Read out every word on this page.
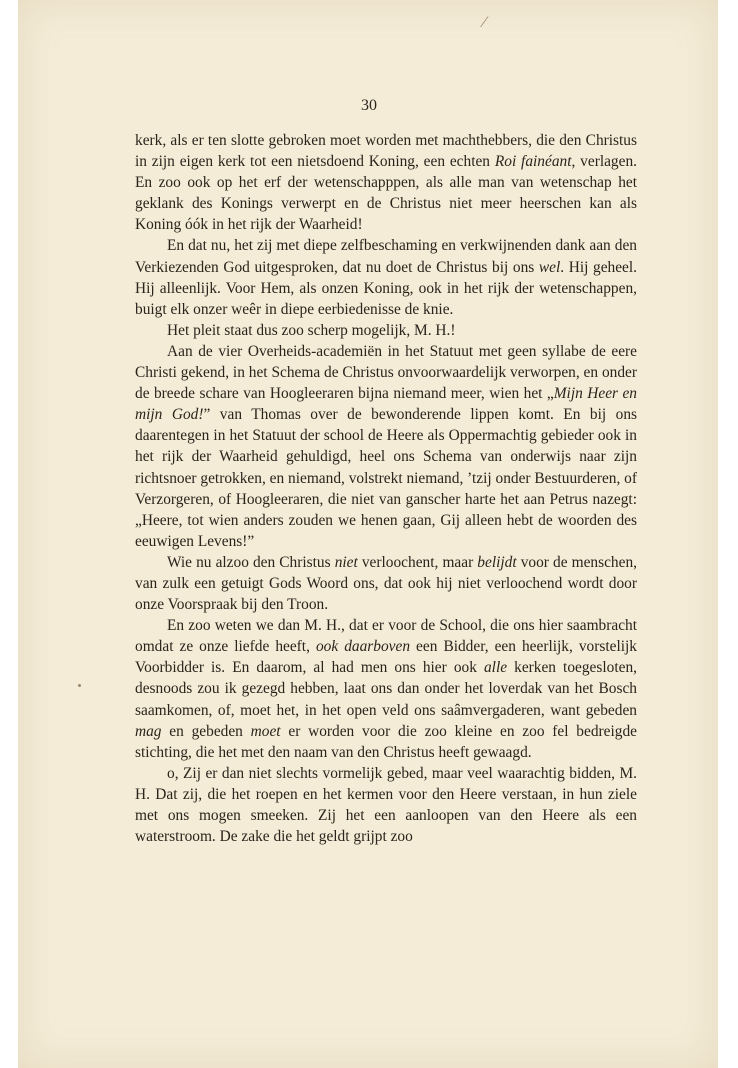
⁄
30

kerk, als er ten slotte gebroken moet worden met machthebbers, die den Christus in zijn eigen kerk tot een nietsdoend Koning, een echten Roi fainéant, verlagen. En zoo ook op het erf der wetenschapppen, als alle man van wetenschap het geklank des Konings verwerpt en de Christus niet meer heerschen kan als Koning óók in het rijk der Waarheid!

En dat nu, het zij met diepe zelfbeschaming en verkwijnenden dank aan den Verkiezenden God uitgesproken, dat nu doet de Christus bij ons wel. Hij geheel. Hij alleenlijk. Voor Hem, als onzen Koning, ook in het rijk der wetenschappen, buigt elk onzer weêr in diepe eerbiedenisse de knie.

Het pleit staat dus zoo scherp mogelijk, M. H.!

Aan de vier Overheids-academiën in het Statuut met geen syllabe de eere Christi gekend, in het Schema de Christus onvoorwaardelijk verworpen, en onder de breede schare van Hoogleeraren bijna niemand meer, wien het „Mijn Heer en mijn God!” van Thomas over de bewonderende lippen komt. En bij ons daarentegen in het Statuut der school de Heere als Oppermachtig gebieder ook in het rijk der Waarheid gehuldigd, heel ons Schema van onderwijs naar zijn richtsnoer getrokken, en niemand, volstrekt niemand, ’tzij onder Bestuurderen, of Verzorgeren, of Hoogleeraren, die niet van ganscher harte het aan Petrus nazegt: „Heere, tot wien anders zouden we henen gaan, Gij alleen hebt de woorden des eeuwigen Levens!”

Wie nu alzoo den Christus niet verloochent, maar belijdt voor de menschen, van zulk een getuigt Gods Woord ons, dat ook hij niet verloochend wordt door onze Voorspraak bij den Troon.

En zoo weten we dan M. H., dat er voor de School, die ons hier saambracht omdat ze onze liefde heeft, ook daarboven een Bidder, een heerlijk, vorstelijk Voorbidder is. En daarom, al had men ons hier ook alle kerken toegesloten, desnoods zou ik gezegd hebben, laat ons dan onder het loverdak van het Bosch saamkomen, of, moet het, in het open veld ons saâmvergaderen, want gebeden mag en gebeden moet er worden voor die zoo kleine en zoo fel bedreigde stichting, die het met den naam van den Christus heeft gewaagd.

o, Zij er dan niet slechts vormelijk gebed, maar veel waarachtig bidden, M. H. Dat zij, die het roepen en het kermen voor den Heere verstaan, in hun ziele met ons mogen smeeken. Zij het een aanloopen van den Heere als een waterstroom. De zake die het geldt grijpt zoo
